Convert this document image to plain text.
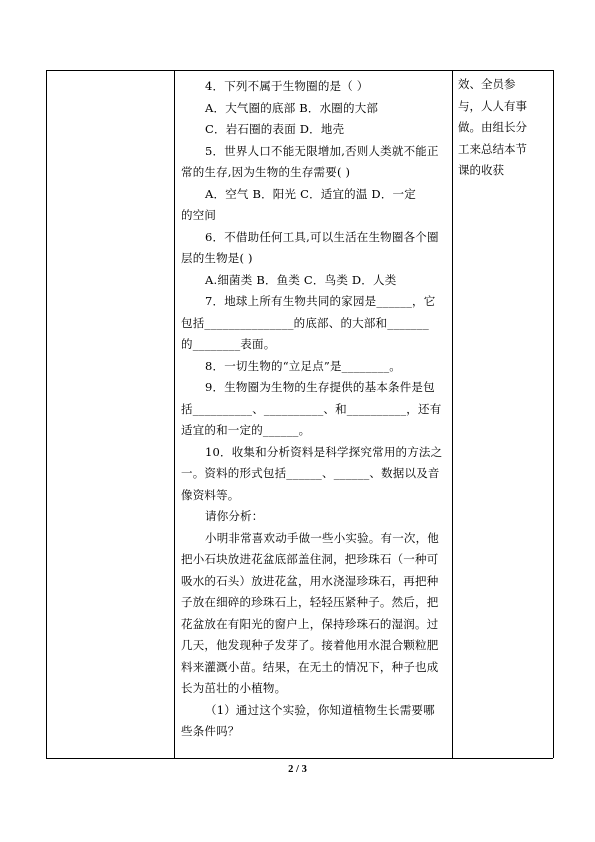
4．下列不属于生物圈的是（ ）

A．大气圈的底部 B．水圈的大部

C．岩石圈的表面 D．地壳

5．世界人口不能无限增加,否则人类就不能正

常的生存,因为生物的生存需要( )

A．空气 B．阳光 C．适宜的温 D．一定

的空间

6．不借助任何工具,可以生活在生物圈各个圈

层的生物是( )

A.细菌类 B．鱼类 C．鸟类 D．人类

7．地球上所有生物共同的家园是______，它

包括_______________的底部、的大部和_______

的________表面。

8．一切生物的“立足点”是________。

9．生物圈为生物的生存提供的基本条件是包

括__________、__________、和__________，还有

适宜的和一定的______。

10．收集和分析资料是科学探究常用的方法之

一。资料的形式包括______、______、数据以及音

像资料等。

请你分析：

小明非常喜欢动手做一些小实验。有一次，他

把小石块放进花盆底部盖住洞，把珍珠石（一种可

吸水的石头）放进花盆，用水浇湿珍珠石，再把种

子放在细碎的珍珠石上，轻轻压紧种子。然后，把

花盆放在有阳光的窗户上，保持珍珠石的湿润。过

几天，他发现种子发芽了。接着他用水混合颗粒肥

料来灌溉小苗。结果，在无土的情况下，种子也成

长为茁壮的小植物。

（1）通过这个实验，你知道植物生长需要哪

些条件吗？

效、全员参

与，人人有事

做。由组长分

工来总结本节

课的收获

2 / 3
